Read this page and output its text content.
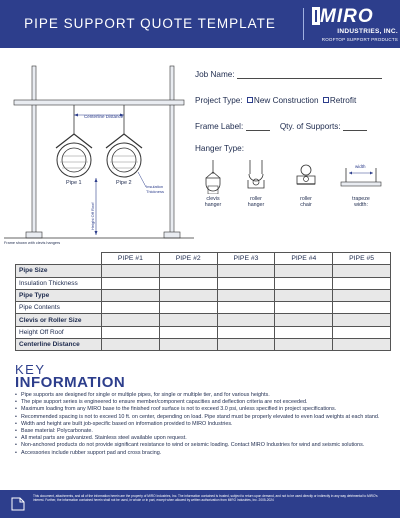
PIPE SUPPORT QUOTE TEMPLATE	MIRO
INDUSTRIES, INC.
ROOFTOP SUPPORT PRODUCTS
Centerline Distance
Pipe 1	Pipe 2
Insulation
Thickness
Height Off Roof
Frame shown with clevis hangers
Job Name:
Project Type: New Construction Retrofit
Frame Label:	Qty. of Supports:
Hanger Type:
clevis
hanger
roller
hanger
roller
chair
width
trapeze
width:
	PIPE #1	PIPE #2	PIPE #3	PIPE #4	PIPE #5
Pipe Size					
Insulation Thickness					
Pipe Type					
Pipe Contents					
Clevis or Roller Size					
Height Off Roof					
Centerline Distance					
KEY
INFORMATION
• Pipe supports are designed for single or multiple pipes, for single or multiple tier, and for various heights.
• The pipe support series is engineered to ensure member/component capacities and deflection criteria are not exceeded.
• Maximum loading from any MIRO base to the finished roof surface is not to exceed 3.0 psi, unless specified in project specifications.
• Recommended spacing is not to exceed 10 ft. on center, depending on load. Pipe stand must be properly elevated to even load weights at each stand.
• Width and height are built job-specific based on information provided to MIRO Industries.
• Base material: Polycarbonate.
• All metal parts are galvanized. Stainless steel available upon request.
• Non-anchored products do not provide significant resistance to wind or seismic loading. Contact MIRO Industries for wind and seismic solutions.
• Accessories include rubber support pad and cross bracing.
This document, attachments, and all of the information herein are the property of MIRO Industries, Inc. The information contained is trusted, subject to return upon demand, and not to be used directly or indirectly in any way detrimental to MIRO's interest. Further, the information contained herein shall not be used, in whole or in part, except when allowed by written authorization from MIRO Industries, Inc. 2005-2024
